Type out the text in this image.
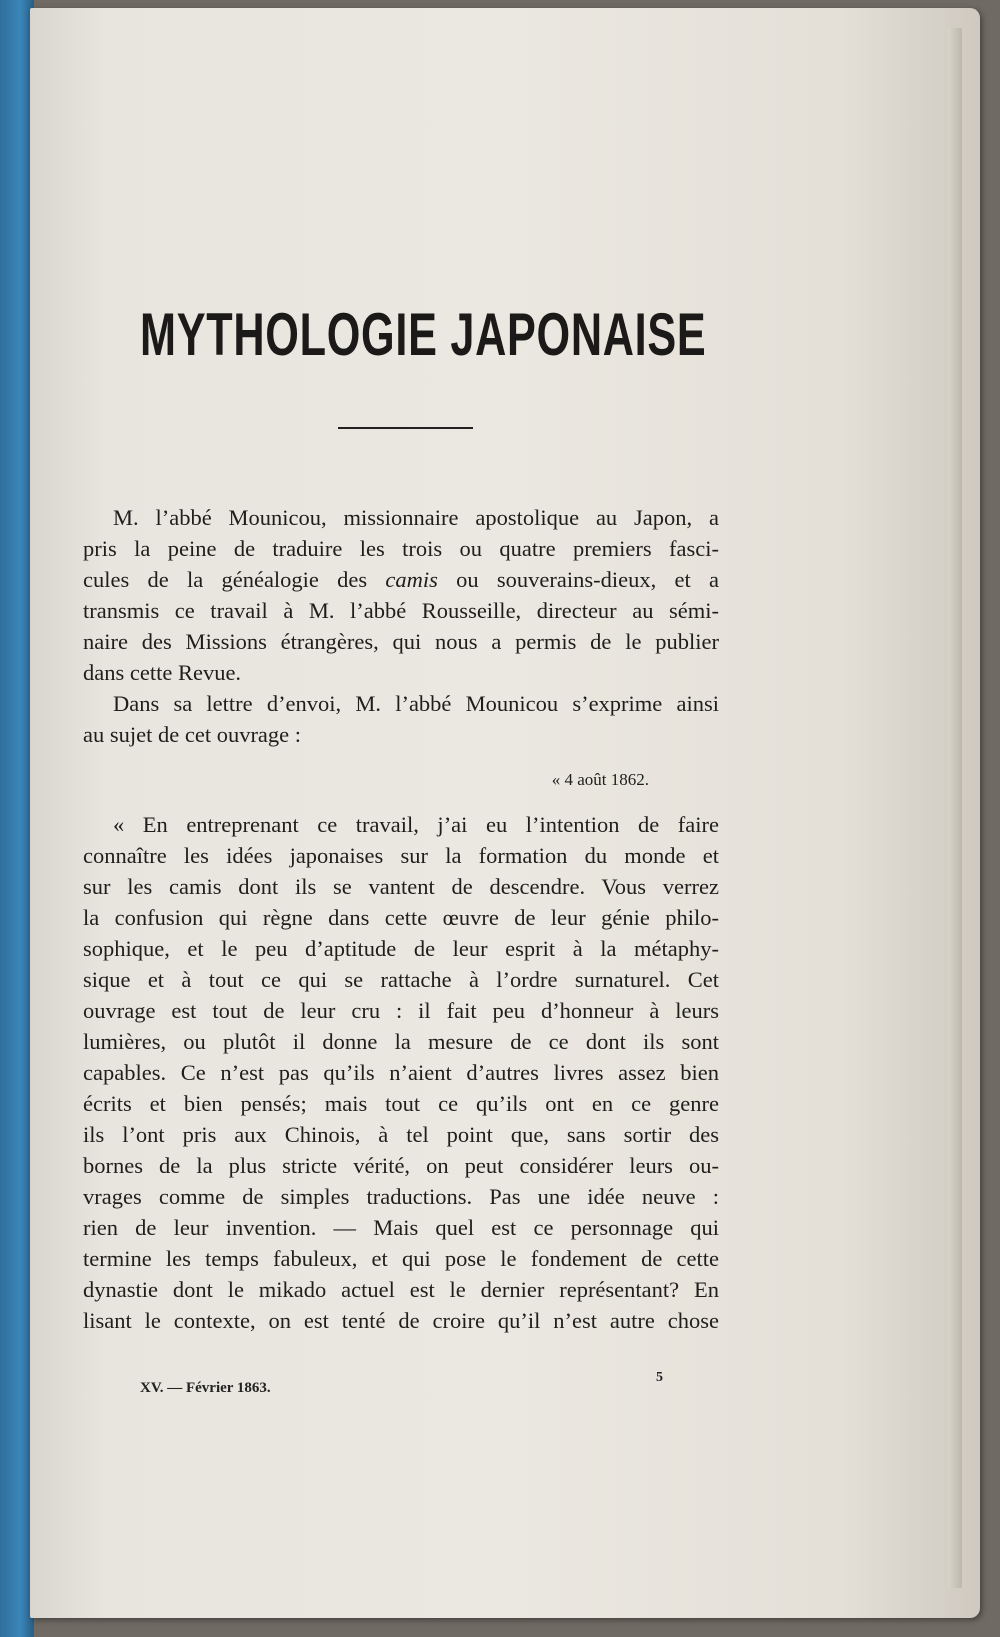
MYTHOLOGIE JAPONAISE
M. l’abbé Mounicou, missionnaire apostolique au Japon, a
pris la peine de traduire les trois ou quatre premiers fasci-
cules de la généalogie des camis ou souverains-dieux, et a
transmis ce travail à M. l’abbé Rousseille, directeur au sémi-
naire des Missions étrangères, qui nous a permis de le publier
dans cette Revue.
Dans sa lettre d’envoi, M. l’abbé Mounicou s’exprime ainsi
au sujet de cet ouvrage :
« 4 août 1862.
« En entreprenant ce travail, j’ai eu l’intention de faire
connaître les idées japonaises sur la formation du monde et
sur les camis dont ils se vantent de descendre. Vous verrez
la confusion qui règne dans cette œuvre de leur génie philo-
sophique, et le peu d’aptitude de leur esprit à la métaphy-
sique et à tout ce qui se rattache à l’ordre surnaturel. Cet
ouvrage est tout de leur cru : il fait peu d’honneur à leurs
lumières, ou plutôt il donne la mesure de ce dont ils sont
capables. Ce n’est pas qu’ils n’aient d’autres livres assez bien
écrits et bien pensés; mais tout ce qu’ils ont en ce genre
ils l’ont pris aux Chinois, à tel point que, sans sortir des
bornes de la plus stricte vérité, on peut considérer leurs ou-
vrages comme de simples traductions. Pas une idée neuve :
rien de leur invention. — Mais quel est ce personnage qui
termine les temps fabuleux, et qui pose le fondement de cette
dynastie dont le mikado actuel est le dernier représentant? En
lisant le contexte, on est tenté de croire qu’il n’est autre chose
XV. — Février 1863.
5
